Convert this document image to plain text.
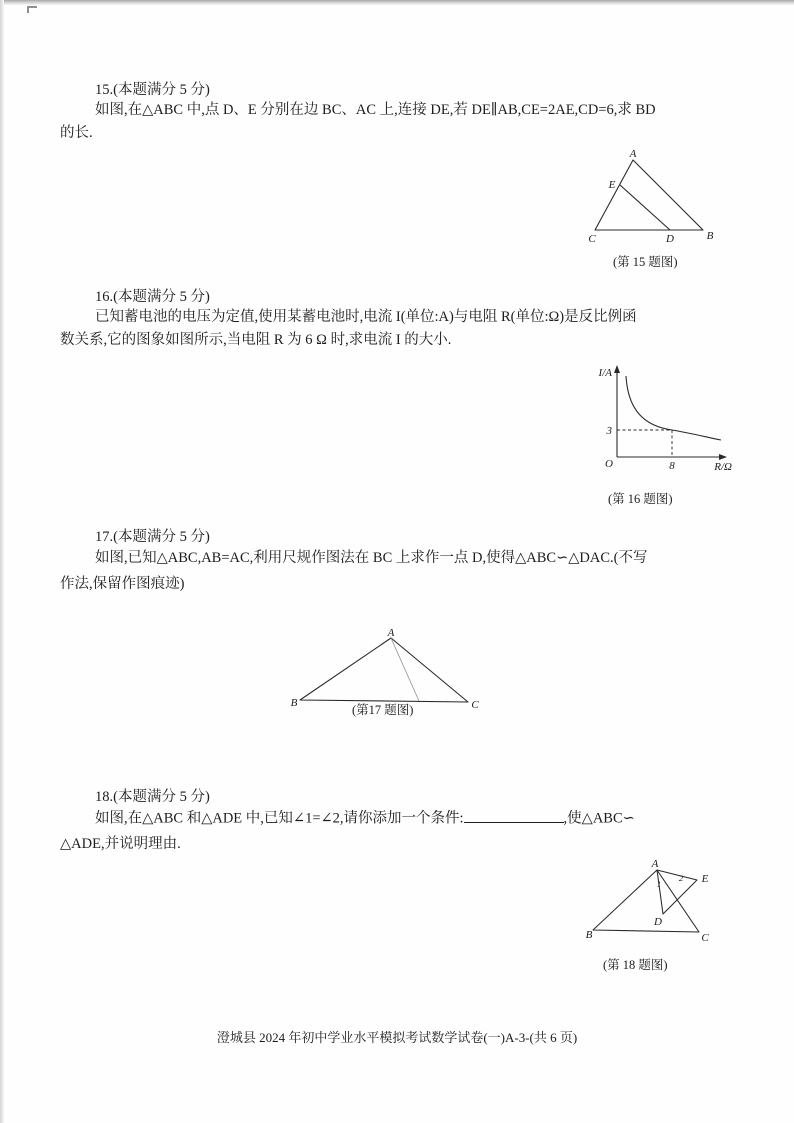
15.(本题满分 5 分)
如图,在△ABC 中,点 D、E 分别在边 BC、AC 上,连接 DE,若 DE∥AB,CE=2AE,CD=6,求 BD
的长.
A
E
C	D	B
(第 15 题图)
16.(本题满分 5 分)
已知蓄电池的电压为定值,使用某蓄电池时,电流 I(单位:A)与电阻 R(单位:Ω)是反比例函
数关系,它的图象如图所示,当电阻 R 为 6 Ω 时,求电流 I 的大小.
I/A
R/Ω
O
3
8
(第 16 题图)
17.(本题满分 5 分)
如图,已知△ABC,AB=AC,利用尺规作图法在 BC 上求作一点 D,使得△ABC∽△DAC.(不写
作法,保留作图痕迹)
A
B	C
(第17 题图)
18.(本题满分 5 分)
如图,在△ABC 和△ADE 中,已知∠1=∠2,请你添加一个条件:	,使△ABC∽
△ADE,并说明理由.
A
E
B	C
D
1
2
(第 18 题图)
澄城县 2024 年初中学业水平模拟考试数学试卷(一)A-3-(共 6 页)
